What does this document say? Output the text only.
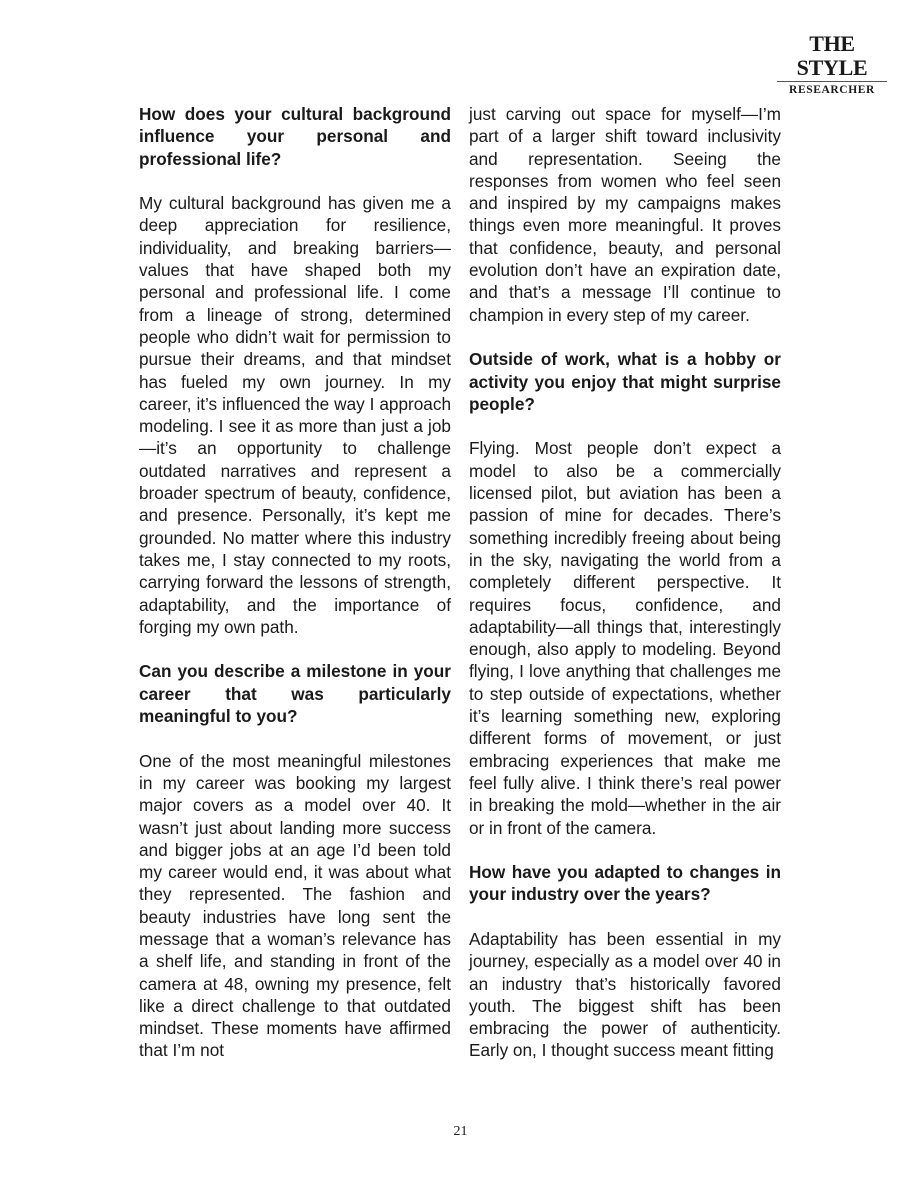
THE STYLE
RESEARCHER

How does your cultural background influence your personal and professional life?

My cultural background has given me a deep appreciation for resilience, individuality, and breaking barriers—values that have shaped both my personal and professional life. I come from a lineage of strong, determined people who didn’t wait for permission to pursue their dreams, and that mindset has fueled my own journey. In my career, it’s influenced the way I approach modeling. I see it as more than just a job—it’s an opportunity to challenge outdated narratives and represent a broader spectrum of beauty, confidence, and presence. Personally, it’s kept me grounded. No matter where this industry takes me, I stay connected to my roots, carrying forward the lessons of strength, adaptability, and the importance of forging my own path.

Can you describe a milestone in your career that was particularly meaningful to you?

One of the most meaningful milestones in my career was booking my largest major covers as a model over 40. It wasn’t just about landing more success and bigger jobs at an age I’d been told my career would end, it was about what they represented. The fashion and beauty industries have long sent the message that a woman’s relevance has a shelf life, and standing in front of the camera at 48, owning my presence, felt like a direct challenge to that outdated mindset. These moments have affirmed that I’m not

just carving out space for myself—I’m part of a larger shift toward inclusivity and representation. Seeing the responses from women who feel seen and inspired by my campaigns makes things even more meaningful. It proves that confidence, beauty, and personal evolution don’t have an expiration date, and that’s a message I’ll continue to champion in every step of my career.

Outside of work, what is a hobby or activity you enjoy that might surprise people?

Flying. Most people don’t expect a model to also be a commercially licensed pilot, but aviation has been a passion of mine for decades. There’s something incredibly freeing about being in the sky, navigating the world from a completely different perspective. It requires focus, confidence, and adaptability—all things that, interestingly enough, also apply to modeling. Beyond flying, I love anything that challenges me to step outside of expectations, whether it’s learning something new, exploring different forms of movement, or just embracing experiences that make me feel fully alive. I think there’s real power in breaking the mold—whether in the air or in front of the camera.

How have you adapted to changes in your industry over the years?

Adaptability has been essential in my journey, especially as a model over 40 in an industry that’s historically favored youth. The biggest shift has been embracing the power of authenticity. Early on, I thought success meant fitting

21
